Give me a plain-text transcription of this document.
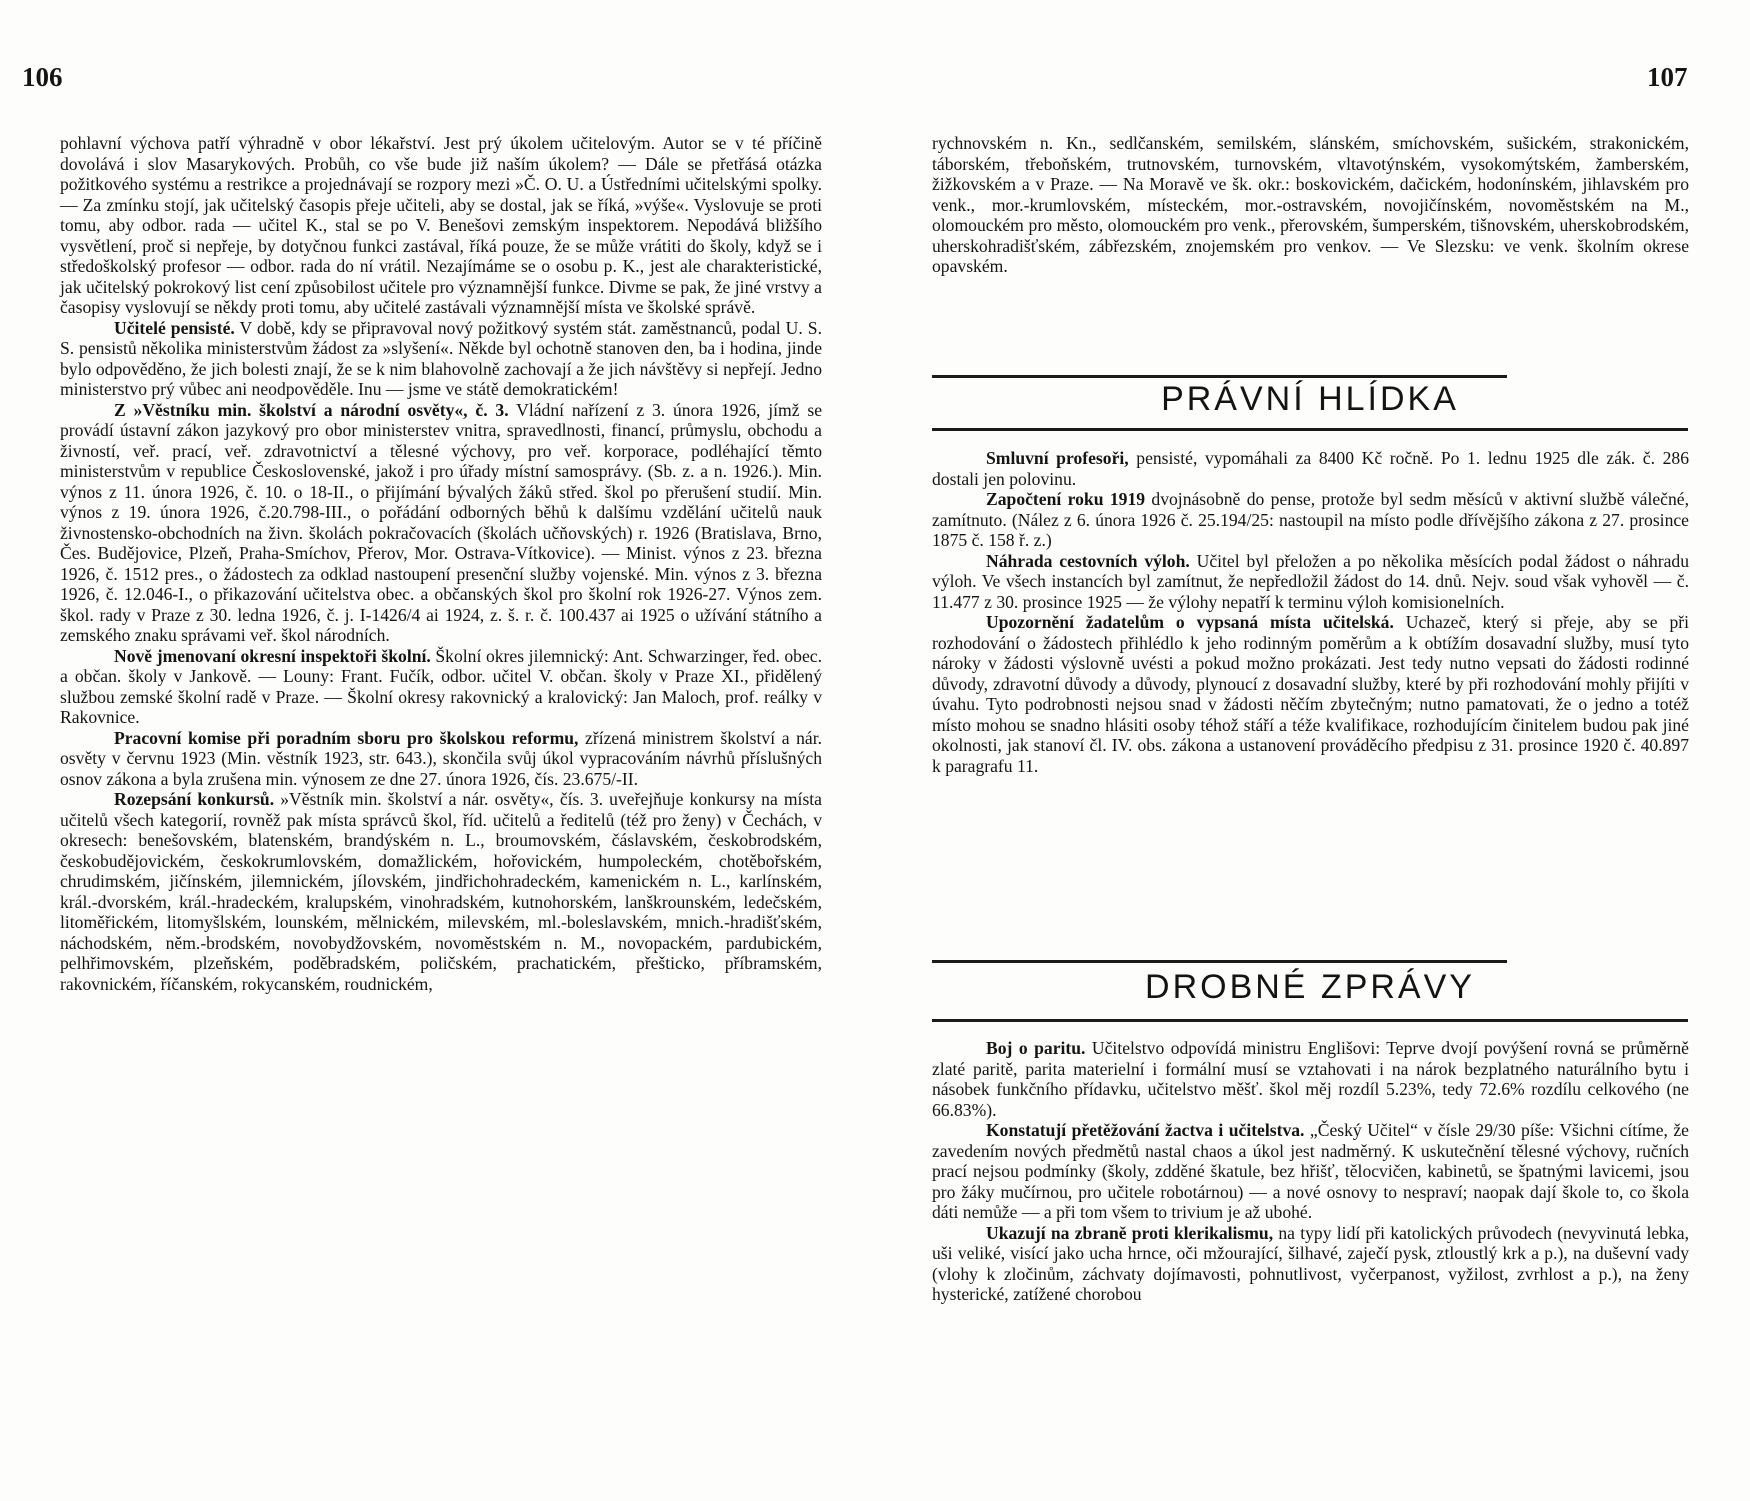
106	107

pohlavní výchova patří výhradně v obor lékařství. Jest prý úkolem učitelovým. Autor se v té příčině dovolává i slov Masarykových. Probůh, co vše bude již naším úkolem? — Dále se přetřásá otázka požitkového systému a restrikce a projednávají se rozpory mezi »Č. O. U. a Ústředními učitelskými spolky. — Za zmínku stojí, jak učitelský časopis přeje učiteli, aby se dostal, jak se říká, »výše«. Vyslovuje se proti tomu, aby odbor. rada — učitel K., stal se po V. Benešovi zemským inspektorem. Nepodává bližšího vysvětlení, proč si nepřeje, by dotyčnou funkci zastával, říká pouze, že se může vrátiti do školy, když se i středoškolský profesor — odbor. rada do ní vrátil. Nezajímáme se o osobu p. K., jest ale charakteristické, jak učitelský pokrokový list cení způsobilost učitele pro významnější funkce. Divme se pak, že jiné vrstvy a časopisy vyslovují se někdy proti tomu, aby učitelé zastávali významnější místa ve školské správě.

Učitelé pensisté. V době, kdy se připravoval nový požitkový systém stát. zaměstnanců, podal U. S. S. pensistů několika ministerstvům žádost za »slyšení«. Někde byl ochotně stanoven den, ba i hodina, jinde bylo odpověděno, že jich bolesti znají, že se k nim blahovolně zachovají a že jich návštěvy si nepřejí. Jedno ministerstvo prý vůbec ani neodpověděle. Inu — jsme ve státě demokratickém!

Z »Věstníku min. školství a národní osvěty«, č. 3. Vládní nařízení z 3. února 1926, jímž se provádí ústavní zákon jazykový pro obor ministerstev vnitra, spravedlnosti, financí, průmyslu, obchodu a živností, veř. prací, veř. zdravotnictví a tělesné výchovy, pro veř. korporace, podléhající těmto ministerstvům v republice Československé, jakož i pro úřady místní samosprávy. (Sb. z. a n. 1926.). Min. výnos z 11. února 1926, č. 10. o 18-II., o přijímání bývalých žáků střed. škol po přerušení studií. Min. výnos z 19. února 1926, č.20.798-III., o pořádání odborných běhů k dalšímu vzdělání učitelů nauk živnostensko-obchodních na živn. školách pokračovacích (školách učňovských) r. 1926 (Bratislava, Brno, Čes. Budějovice, Plzeň, Praha-Smíchov, Přerov, Mor. Ostrava-Vítkovice). — Minist. výnos z 23. března 1926, č. 1512 pres., o žádostech za odklad nastoupení presenční služby vojenské. Min. výnos z 3. března 1926, č. 12.046-I., o přikazování učitelstva obec. a občanských škol pro školní rok 1926-27. Výnos zem. škol. rady v Praze z 30. ledna 1926, č. j. I-1426/4 ai 1924, z. š. r. č. 100.437 ai 1925 o užívání státního a zemského znaku správami veř. škol národních.

Nově jmenovaní okresní inspektoři školní. Školní okres jilemnický: Ant. Schwarzinger, řed. obec. a občan. školy v Jankově. — Louny: Frant. Fučík, odbor. učitel V. občan. školy v Praze XI., přidělený službou zemské školní radě v Praze. — Školní okresy rakovnický a kralovický: Jan Maloch, prof. reálky v Rakovnice.

Pracovní komise při poradním sboru pro školskou reformu, zřízená ministrem školství a nár. osvěty v červnu 1923 (Min. věstník 1923, str. 643.), skončila svůj úkol vypracováním návrhů příslušných osnov zákona a byla zrušena min. výnosem ze dne 27. února 1926, čís. 23.675/-II.

Rozepsání konkursů. »Věstník min. školství a nár. osvěty«, čís. 3. uveřejňuje konkursy na místa učitelů všech kategorií, rovněž pak místa správců škol, říd. učitelů a ředitelů (též pro ženy) v Čechách, v okresech: benešovském, blatenském, brandýském n. L., broumovském, čáslavském, českobrodském, českobudějovickém, českokrumlovském, domažlickém, hořovickém, humpoleckém, chotěbořském, chrudimském, jičínském, jilemnickém, jílovském, jindřichohradeckém, kamenickém n. L., karlínském, král.-dvorském, král.-hradeckém, kralupském, vinohradském, kutnohorském, lanškrounském, ledečském, litoměřickém, litomyšlském, lounském, mělnickém, milevském, ml.-boleslavském, mnich.-hradišťském, náchodském, něm.-brodském, novobydžovském, novoměstském n. M., novopackém, pardubickém, pelhřimovském, plzeňském, poděbradském, poličském, prachatickém, přešticko, příbramském, rakovnickém, říčanském, rokycanském, roudnickém,

rychnovském n. Kn., sedlčanském, semilském, slánském, smíchovském, sušickém, strakonickém, táborském, třeboňském, trutnovském, turnovském, vltavotýnském, vysokomýtském, žamberském, žižkovském a v Praze. — Na Moravě ve šk. okr.: boskovickém, dačickém, hodonínském, jihlavském pro venk., mor.-krumlovském, místeckém, mor.-ostravském, novojičínském, novoměstském na M., olomouckém pro město, olomouckém pro venk., přerovském, šumperském, tišnovském, uherskobrodském, uherskohradišťském, zábřezském, znojemském pro venkov. — Ve Slezsku: ve venk. školním okrese opavském.

PRÁVNÍ HLÍDKA

Smluvní profesoři, pensisté, vypomáhali za 8400 Kč ročně. Po 1. lednu 1925 dle zák. č. 286 dostali jen polovinu.

Započtení roku 1919 dvojnásobně do pense, protože byl sedm měsíců v aktivní službě válečné, zamítnuto. (Nález z 6. února 1926 č. 25.194/25: nastoupil na místo podle dřívějšího zákona z 27. prosince 1875 č. 158 ř. z.)

Náhrada cestovních výloh. Učitel byl přeložen a po několika měsících podal žádost o náhradu výloh. Ve všech instancích byl zamítnut, že nepředložil žádost do 14. dnů. Nejv. soud však vyhověl — č. 11.477 z 30. prosince 1925 — že výlohy nepatří k terminu výloh komisionelních.

Upozornění žadatelům o vypsaná místa učitelská. Uchazeč, který si přeje, aby se při rozhodování o žádostech přihlédlo k jeho rodinným poměrům a k obtížím dosavadní služby, musí tyto nároky v žádosti výslovně uvésti a pokud možno prokázati. Jest tedy nutno vepsati do žádosti rodinné důvody, zdravotní důvody a důvody, plynoucí z dosavadní služby, které by při rozhodování mohly přijíti v úvahu. Tyto podrobnosti nejsou snad v žádosti něčím zbytečným; nutno pamatovati, že o jedno a totéž místo mohou se snadno hlásiti osoby téhož stáří a téže kvalifikace, rozhodujícím činitelem budou pak jiné okolnosti, jak stanoví čl. IV. obs. zákona a ustanovení prováděcího předpisu z 31. prosince 1920 č. 40.897 k paragrafu 11.

DROBNÉ ZPRÁVY

Boj o paritu. Učitelstvo odpovídá ministru Englišovi: Teprve dvojí povýšení rovná se průměrně zlaté paritě, parita materielní i formální musí se vztahovati i na nárok bezplatného naturálního bytu i násobek funkčního přídavku, učitelstvo měšť. škol měj rozdíl 5.23%, tedy 72.6% rozdílu celkového (ne 66.83%).

Konstatují přetěžování žactva i učitelstva. „Český Učitel“ v čísle 29/30 píše: Všichni cítíme, že zavedením nových předmětů nastal chaos a úkol jest nadměrný. K uskutečnění tělesné výchovy, ručních prací nejsou podmínky (školy, zdděné škatule, bez hřišť, tělocvičen, kabinetů, se špatnými lavicemi, jsou pro žáky mučírnou, pro učitele robotárnou) — a nové osnovy to nespraví; naopak dají škole to, co škola dáti nemůže — a při tom všem to trivium je až ubohé.

Ukazují na zbraně proti klerikalismu, na typy lidí při katolických průvodech (nevyvinutá lebka, uši veliké, visící jako ucha hrnce, oči mžourající, šilhavé, zaječí pysk, ztloustlý krk a p.), na duševní vady (vlohy k zločinům, záchvaty dojímavosti, pohnutlivost, vyčerpanost, vyžilost, zvrhlost a p.), na ženy hysterické, zatížené chorobou
